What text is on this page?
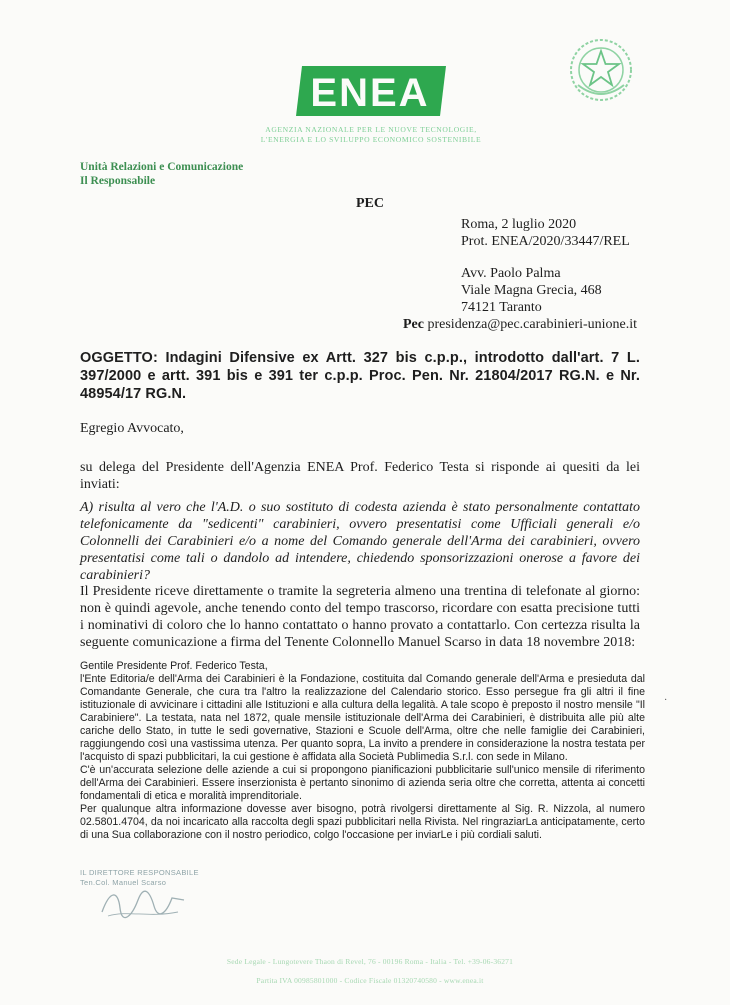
ENEA
AGENZIA NAZIONALE PER LE NUOVE TECNOLOGIE,
L'ENERGIA E LO SVILUPPO ECONOMICO SOSTENIBILE
Unità Relazioni e Comunicazione
Il Responsabile
PEC
Roma, 2 luglio 2020
Prot. ENEA/2020/33447/REL
Avv. Paolo Palma
Viale Magna Grecia, 468
74121 Taranto
Pec presidenza@pec.carabinieri-unione.it
OGGETTO: Indagini Difensive ex Artt. 327 bis c.p.p., introdotto dall'art. 7 L. 397/2000 e artt. 391 bis e 391 ter c.p.p. Proc. Pen. Nr. 21804/2017 RG.N. e Nr. 48954/17 RG.N.
Egregio Avvocato,
su delega del Presidente dell'Agenzia ENEA Prof. Federico Testa si risponde ai quesiti da lei inviati:
A) risulta al vero che l'A.D. o suo sostituto di codesta azienda è stato personalmente contattato telefonicamente da "sedicenti" carabinieri, ovvero presentatisi come Ufficiali generali e/o Colonnelli dei Carabinieri e/o a nome del Comando generale dell'Arma dei carabinieri, ovvero presentatisi come tali o dandolo ad intendere, chiedendo sponsorizzazioni onerose a favore dei carabinieri?
Il Presidente riceve direttamente o tramite la segreteria almeno una trentina di telefonate al giorno: non è quindi agevole, anche tenendo conto del tempo trascorso, ricordare con esatta precisione tutti i nominativi di coloro che lo hanno contattato o hanno provato a contattarlo. Con certezza risulta la seguente comunicazione a firma del Tenente Colonnello Manuel Scarso in data 18 novembre 2018:
Gentile Presidente Prof. Federico Testa,
l'Ente Editoria/e dell'Arma dei Carabinieri è la Fondazione, costituita dal Comando generale dell'Arma e presieduta dal Comandante Generale, che cura tra l'altro la realizzazione del Calendario storico. Esso persegue fra gli altri il fine istituzionale di avvicinare i cittadini alle Istituzioni e alla cultura della legalità. A tale scopo è preposto il nostro mensile "Il Carabiniere". La testata, nata nel 1872, quale mensile istituzionale dell'Arma dei Carabinieri, è distribuita alle più alte cariche dello Stato, in tutte le sedi governative, Stazioni e Scuole dell'Arma, oltre che nelle famiglie dei Carabinieri, raggiungendo così una vastissima utenza. Per quanto sopra, La invito a prendere in considerazione la nostra testata per l'acquisto di spazi pubblicitari, la cui gestione è affidata alla Società Publimedia S.r.l. con sede in Milano.
C'è un'accurata selezione delle aziende a cui si propongono pianificazioni pubblicitarie sull'unico mensile di riferimento dell'Arma dei Carabinieri. Essere inserzionista è pertanto sinonimo di azienda seria oltre che corretta, attenta ai concetti fondamentali di etica e moralità imprenditoriale.
Per qualunque altra informazione dovesse aver bisogno, potrà rivolgersi direttamente al Sig. R. Nizzola, al numero 02.5801.4704, da noi incaricato alla raccolta degli spazi pubblicitari nella Rivista. Nel ringraziarLa anticipatamente, certo di una Sua collaborazione con il nostro periodico, colgo l'occasione per inviarLe i più cordiali saluti.
·
IL DIRETTORE RESPONSABILE
Ten.Col. Manuel Scarso
Sede Legale - Lungotevere Thaon di Revel, 76 - 00196 Roma - Italia - Tel. +39-06-36271
Partita IVA 00985801000 - Codice Fiscale 01320740580 - www.enea.it
